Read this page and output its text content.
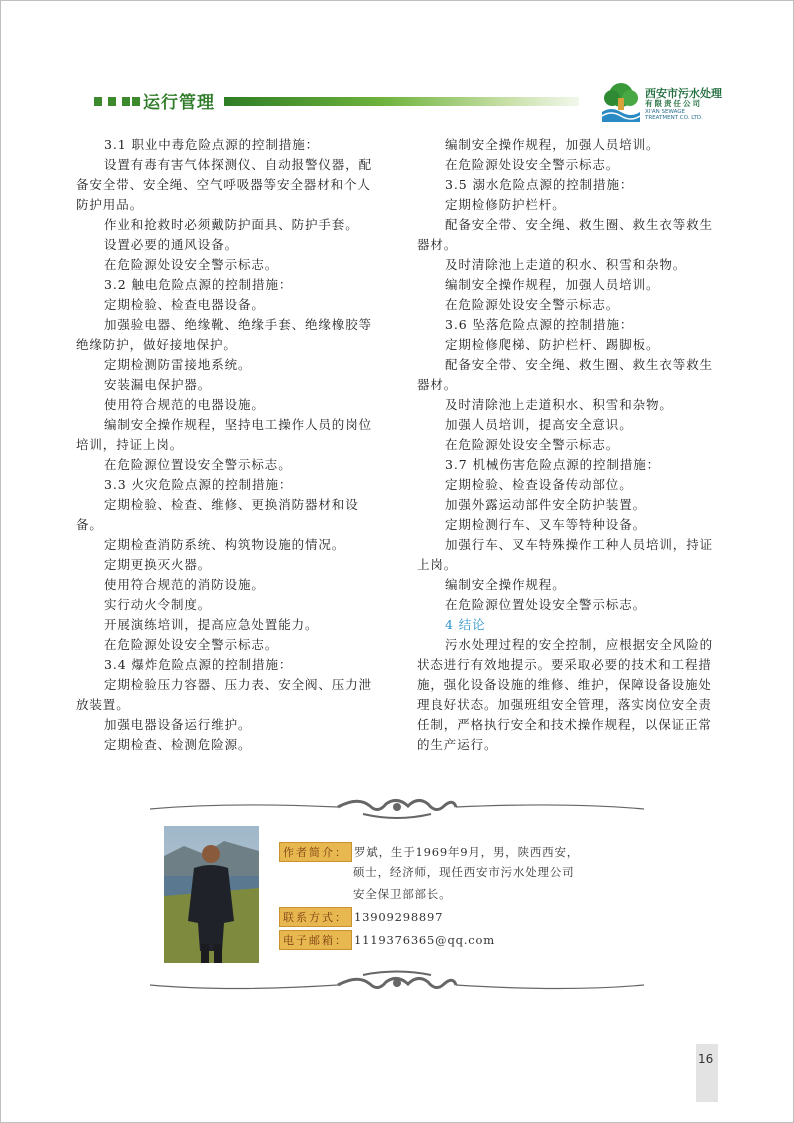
运行管理	西安市污水处理
有限责任公司
XI'AN SEWAGE
TREATMENT CO. LTD.

3.1 职业中毒危险点源的控制措施：

设置有毒有害气体探测仪、自动报警仪器，配备安全带、安全绳、空气呼吸器等安全器材和个人防护用品。

作业和抢救时必须戴防护面具、防护手套。

设置必要的通风设备。

在危险源处设安全警示标志。

3.2 触电危险点源的控制措施：

定期检验、检查电器设备。

加强验电器、绝缘靴、绝缘手套、绝缘橡胶等绝缘防护，做好接地保护。

定期检测防雷接地系统。

安装漏电保护器。

使用符合规范的电器设施。

编制安全操作规程，坚持电工操作人员的岗位培训，持证上岗。

在危险源位置设安全警示标志。

3.3 火灾危险点源的控制措施：

定期检验、检查、维修、更换消防器材和设备。

定期检查消防系统、构筑物设施的情况。

定期更换灭火器。

使用符合规范的消防设施。

实行动火令制度。

开展演练培训，提高应急处置能力。

在危险源处设安全警示标志。

3.4 爆炸危险点源的控制措施：

定期检验压力容器、压力表、安全阀、压力泄放装置。

加强电器设备运行维护。

定期检查、检测危险源。

编制安全操作规程，加强人员培训。

在危险源处设安全警示标志。

3.5 溺水危险点源的控制措施：

定期检修防护栏杆。

配备安全带、安全绳、救生圈、救生衣等救生器材。

及时清除池上走道的积水、积雪和杂物。

编制安全操作规程，加强人员培训。

在危险源处设安全警示标志。

3.6 坠落危险点源的控制措施：

定期检修爬梯、防护栏杆、踢脚板。

配备安全带、安全绳、救生圈、救生衣等救生器材。

及时清除池上走道积水、积雪和杂物。

加强人员培训，提高安全意识。

在危险源处设安全警示标志。

3.7 机械伤害危险点源的控制措施：

定期检验、检查设备传动部位。

加强外露运动部件安全防护装置。

定期检测行车、叉车等特种设备。

加强行车、叉车特殊操作工种人员培训，持证上岗。

编制安全操作规程。

在危险源位置处设安全警示标志。

4 结论

污水处理过程的安全控制，应根据安全风险的状态进行有效地提示。要采取必要的技术和工程措施，强化设备设施的维修、维护，保障设备设施处理良好状态。加强班组安全管理，落实岗位安全责任制，严格执行安全和技术操作规程，以保证正常的生产运行。

作者简介： 罗斌，生于1969年9月，男，陕西西安，
硕士，经济师，现任西安市污水处理公司
安全保卫部部长。
联系方式： 13909298897
电子邮箱： 1119376365@qq.com
16
